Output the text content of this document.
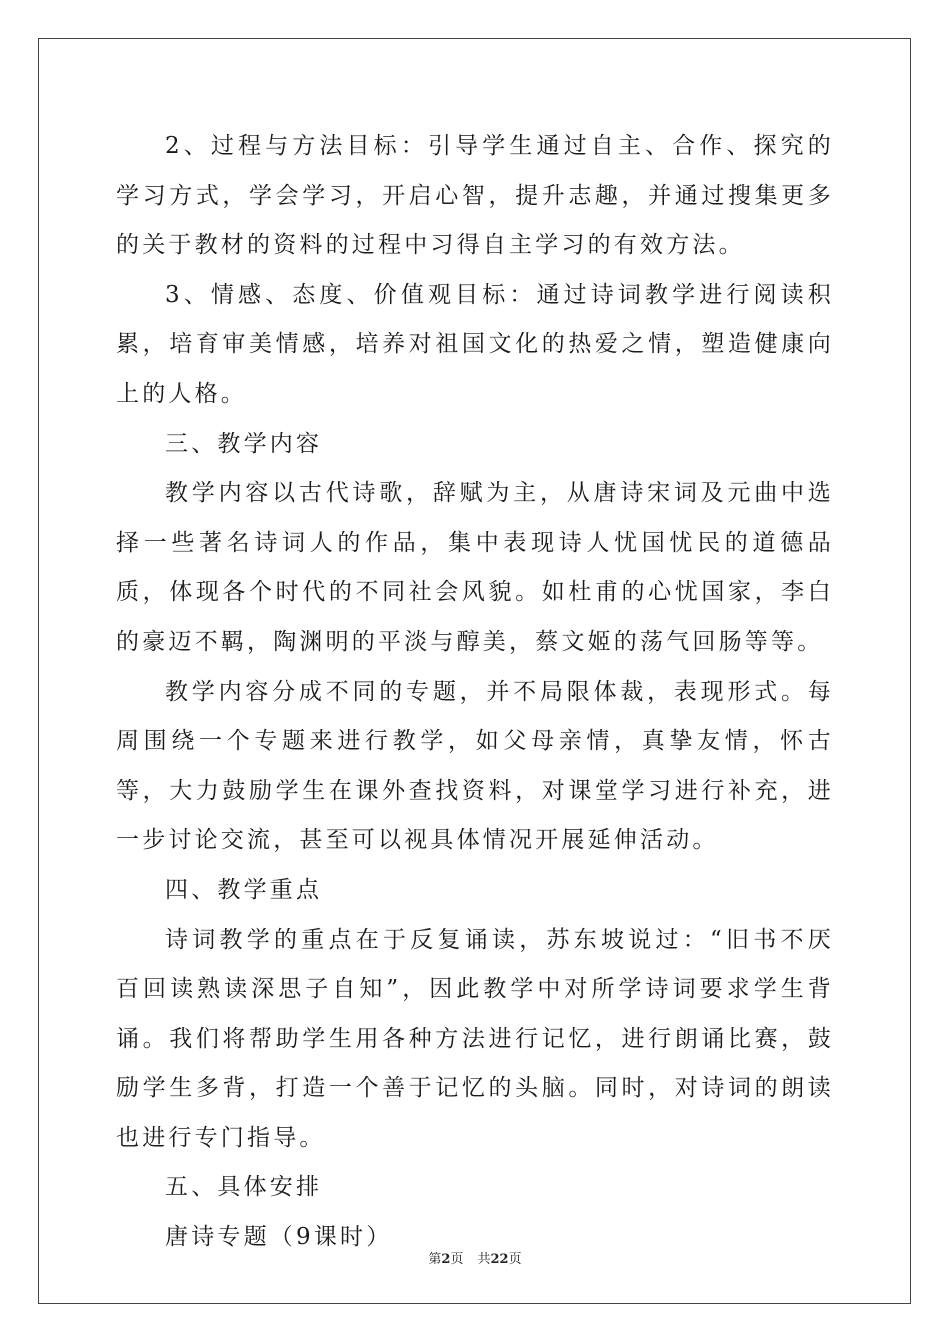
2、过程与方法目标：引导学生通过自主、合作、探究的学习方式，学会学习，开启心智，提升志趣，并通过搜集更多的关于教材的资料的过程中习得自主学习的有效方法。

3、情感、态度、价值观目标：通过诗词教学进行阅读积累，培育审美情感，培养对祖国文化的热爱之情，塑造健康向上的人格。

三、教学内容

教学内容以古代诗歌，辞赋为主，从唐诗宋词及元曲中选择一些著名诗词人的作品，集中表现诗人忧国忧民的道德品质，体现各个时代的不同社会风貌。如杜甫的心忧国家，李白的豪迈不羁，陶渊明的平淡与醇美，蔡文姬的荡气回肠等等。

教学内容分成不同的专题，并不局限体裁，表现形式。每周围绕一个专题来进行教学，如父母亲情，真挚友情，怀古等，大力鼓励学生在课外查找资料，对课堂学习进行补充，进一步讨论交流，甚至可以视具体情况开展延伸活动。

四、教学重点

诗词教学的重点在于反复诵读，苏东坡说过：“旧书不厌百回读熟读深思子自知”，因此教学中对所学诗词要求学生背诵。我们将帮助学生用各种方法进行记忆，进行朗诵比赛，鼓励学生多背，打造一个善于记忆的头脑。同时，对诗词的朗读也进行专门指导。

五、具体安排

唐诗专题（9课时）

第2页 共22页
